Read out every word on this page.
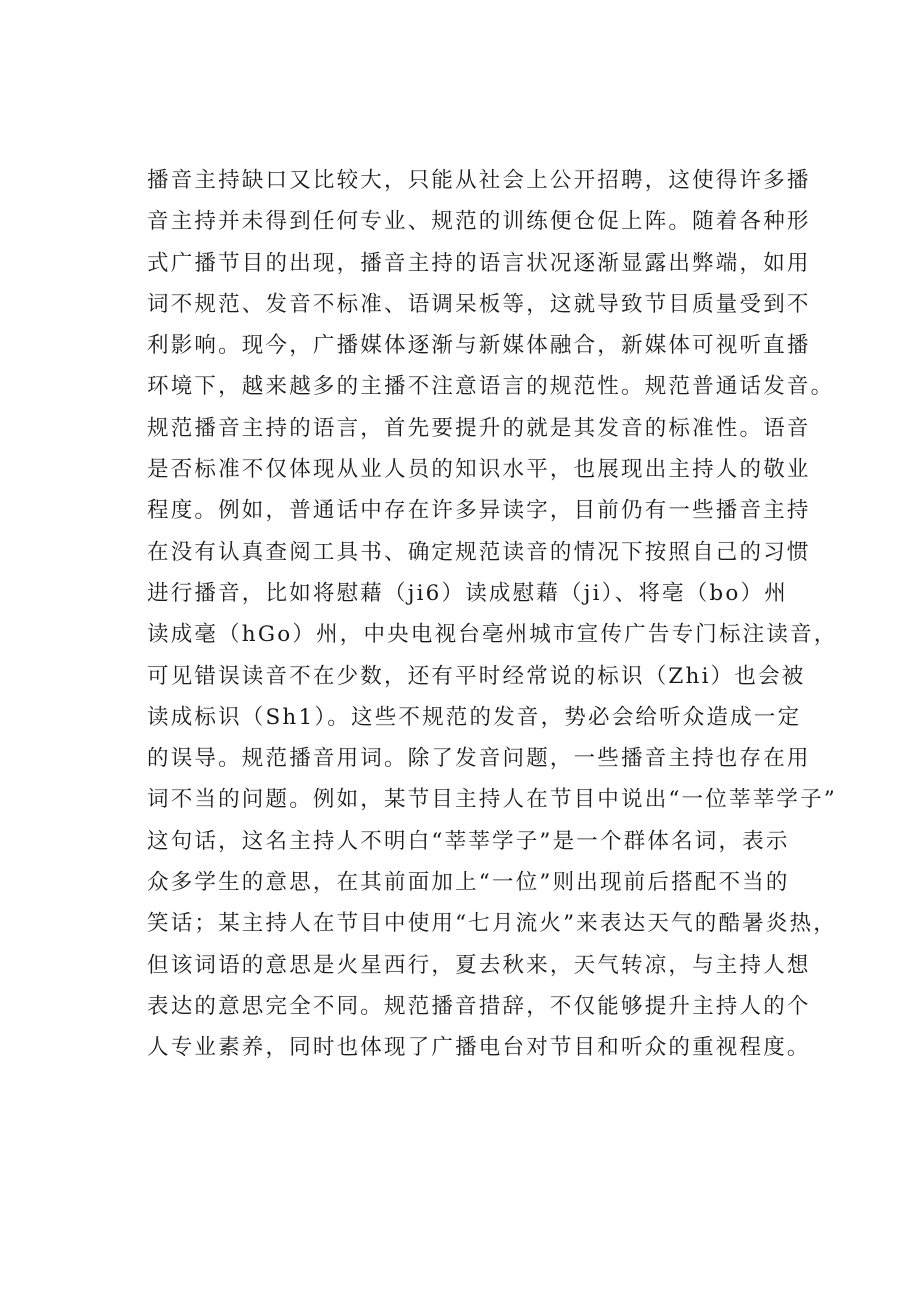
播音主持缺口又比较大，只能从社会上公开招聘，这使得许多播
音主持并未得到任何专业、规范的训练便仓促上阵。随着各种形
式广播节目的出现，播音主持的语言状况逐渐显露出弊端，如用
词不规范、发音不标准、语调呆板等，这就导致节目质量受到不
利影响。现今，广播媒体逐渐与新媒体融合，新媒体可视听直播
环境下，越来越多的主播不注意语言的规范性。规范普通话发音。
规范播音主持的语言，首先要提升的就是其发音的标准性。语音
是否标准不仅体现从业人员的知识水平，也展现出主持人的敬业
程度。例如，普通话中存在许多异读字，目前仍有一些播音主持
在没有认真查阅工具书、确定规范读音的情况下按照自己的习惯
进行播音，比如将慰藉（ji6）读成慰藉（ji）、将亳（bo）州
读成毫（hGo）州，中央电视台亳州城市宣传广告专门标注读音，
可见错误读音不在少数，还有平时经常说的标识（Zhi）也会被
读成标识（Sh1）。这些不规范的发音，势必会给听众造成一定
的误导。规范播音用词。除了发音问题，一些播音主持也存在用
词不当的问题。例如，某节目主持人在节目中说出“一位莘莘学子”
这句话，这名主持人不明白“莘莘学子”是一个群体名词，表示
众多学生的意思，在其前面加上“一位”则出现前后搭配不当的
笑话；某主持人在节目中使用“七月流火”来表达天气的酷暑炎热，
但该词语的意思是火星西行，夏去秋来，天气转凉，与主持人想
表达的意思完全不同。规范播音措辞，不仅能够提升主持人的个
人专业素养，同时也体现了广播电台对节目和听众的重视程度。
